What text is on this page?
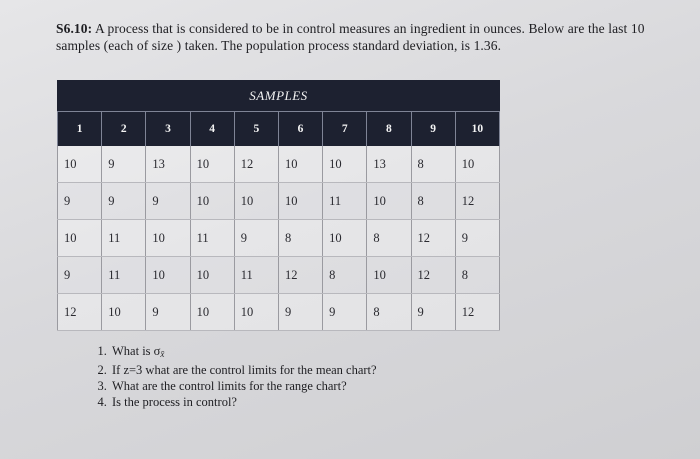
S6.10: A process that is considered to be in control measures an ingredient in ounces. Below are the last 10 samples (each of size ) taken. The population process standard deviation, is 1.36.
SAMPLES
1	2	3	4	5	6	7	8	9	10
10	9	13	10	12	10	10	13	8	10
9	9	9	10	10	10	11	10	8	12
10	11	10	11	9	8	10	8	12	9
9	11	10	10	11	12	8	10	12	8
12	10	9	10	10	9	9	8	9	12
1. What is $\sigma_{x̄}$
2. If z=3 what are the control limits for the mean chart?
3. What are the control limits for the range chart?
4. Is the process in control?
